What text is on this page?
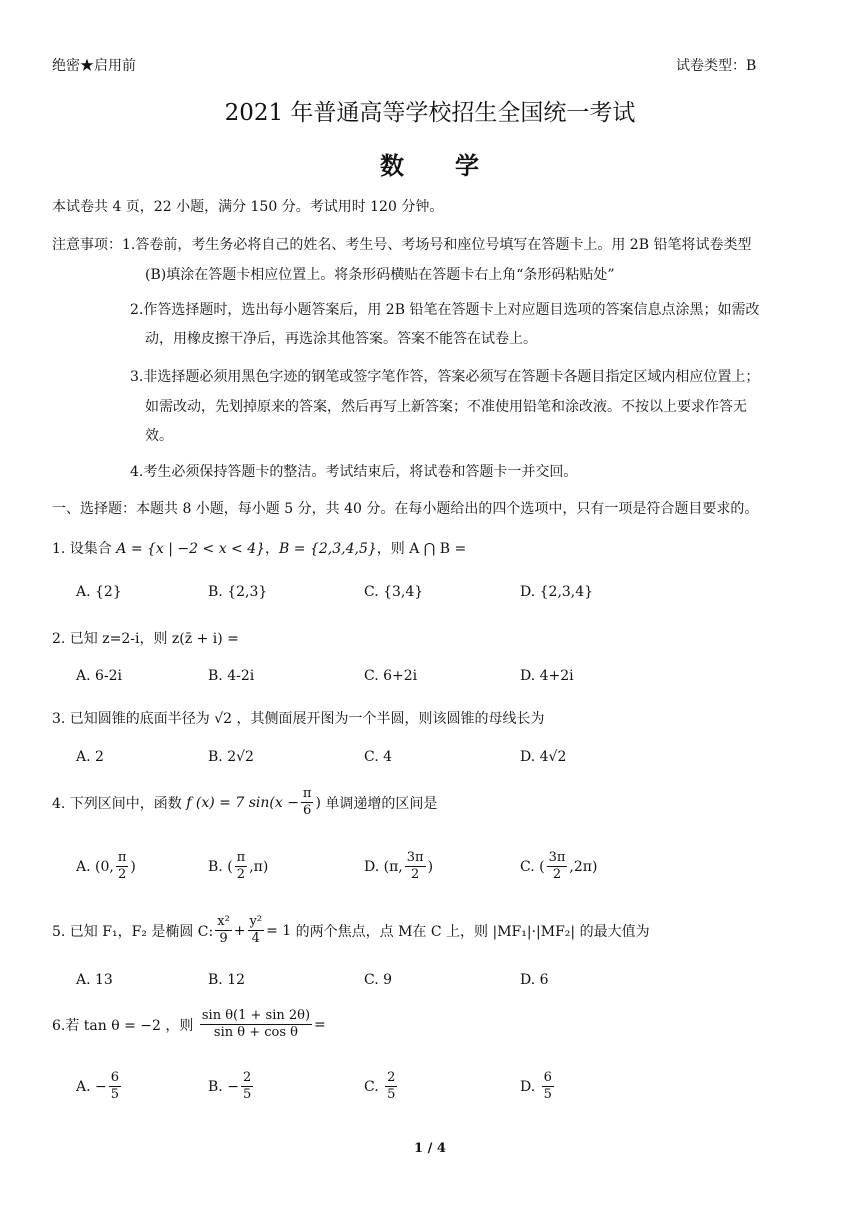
绝密★启用前	试卷类型：B
2021 年普通高等学校招生全国统一考试
数　　学
本试卷共 4 页，22 小题，满分 150 分。考试用时 120 分钟。
注意事项： 1.答卷前，考生务必将自己的姓名、考生号、考场号和座位号填写在答题卡上。用 2B 铅笔将试卷类型
(B)填涂在答题卡相应位置上。将条形码横贴在答题卡右上角“条形码粘贴处”
2.作答选择题时，选出每小题答案后，用 2B 铅笔在答题卡上对应题目选项的答案信息点涂黑；如需改
动，用橡皮擦干净后，再选涂其他答案。答案不能答在试卷上。
3.非选择题必须用黑色字迹的钢笔或签字笔作答，答案必须写在答题卡各题目指定区域内相应位置上；
如需改动，先划掉原来的答案，然后再写上新答案；不准使用铅笔和涂改液。不按以上要求作答无
效。
4.考生必须保持答题卡的整洁。考试结束后，将试卷和答题卡一并交回。
一、选择题：本题共 8 小题，每小题 5 分，共 40 分。在每小题给出的四个选项中，只有一项是符合题目要求的。
1. 设集合 A = {x | −2 < x < 4}，B = {2,3,4,5}，则 A ⋂ B =
A. {2}	B. {2,3}	C. {3,4}	D. {2,3,4}
2. 已知 z=2-i，则 z(z̄ + i) =
A. 6-2i	B. 4-2i	C. 6+2i	D. 4+2i
3. 已知圆锥的底面半径为 √2 ，其侧面展开图为一个半圆，则该圆锥的母线长为
A. 2	B. 2√2	C. 4	D. 4√2
4. 下列区间中，函数
f (x) = 7 $\sin(x - \frac{\pi}{6}$ )
单调递增的区间是
A.
(0, $\frac{\pi}{2}$ )	B.
( $\frac{\pi}{2} ,\pi$)	D.
(π, $\frac{3\pi}{2}$ )	C.
( $\frac{3\pi}{2} ,2\pi$)
5. 已知 F₁，F₂ 是椭圆 C: $\frac{\text{x²}}{9} + \frac{\text{y²}}{4} = 1$
的两个焦点，点 M在 C 上，则 |MF₁|·|MF₂| 的最大值为
A. 13	B. 12	C. 9	D. 6
6.若 tan θ = −2 ，则
$\frac{\text{sin θ(1 + sin 2θ)}}{\text{sin θ + cos θ}}$ =
A.
− $\frac{6}{5}$	B.
− $\frac{2}{5}$	C.
$\frac{2}{5}$	D.
$\frac{6}{5}$
1 / 4
